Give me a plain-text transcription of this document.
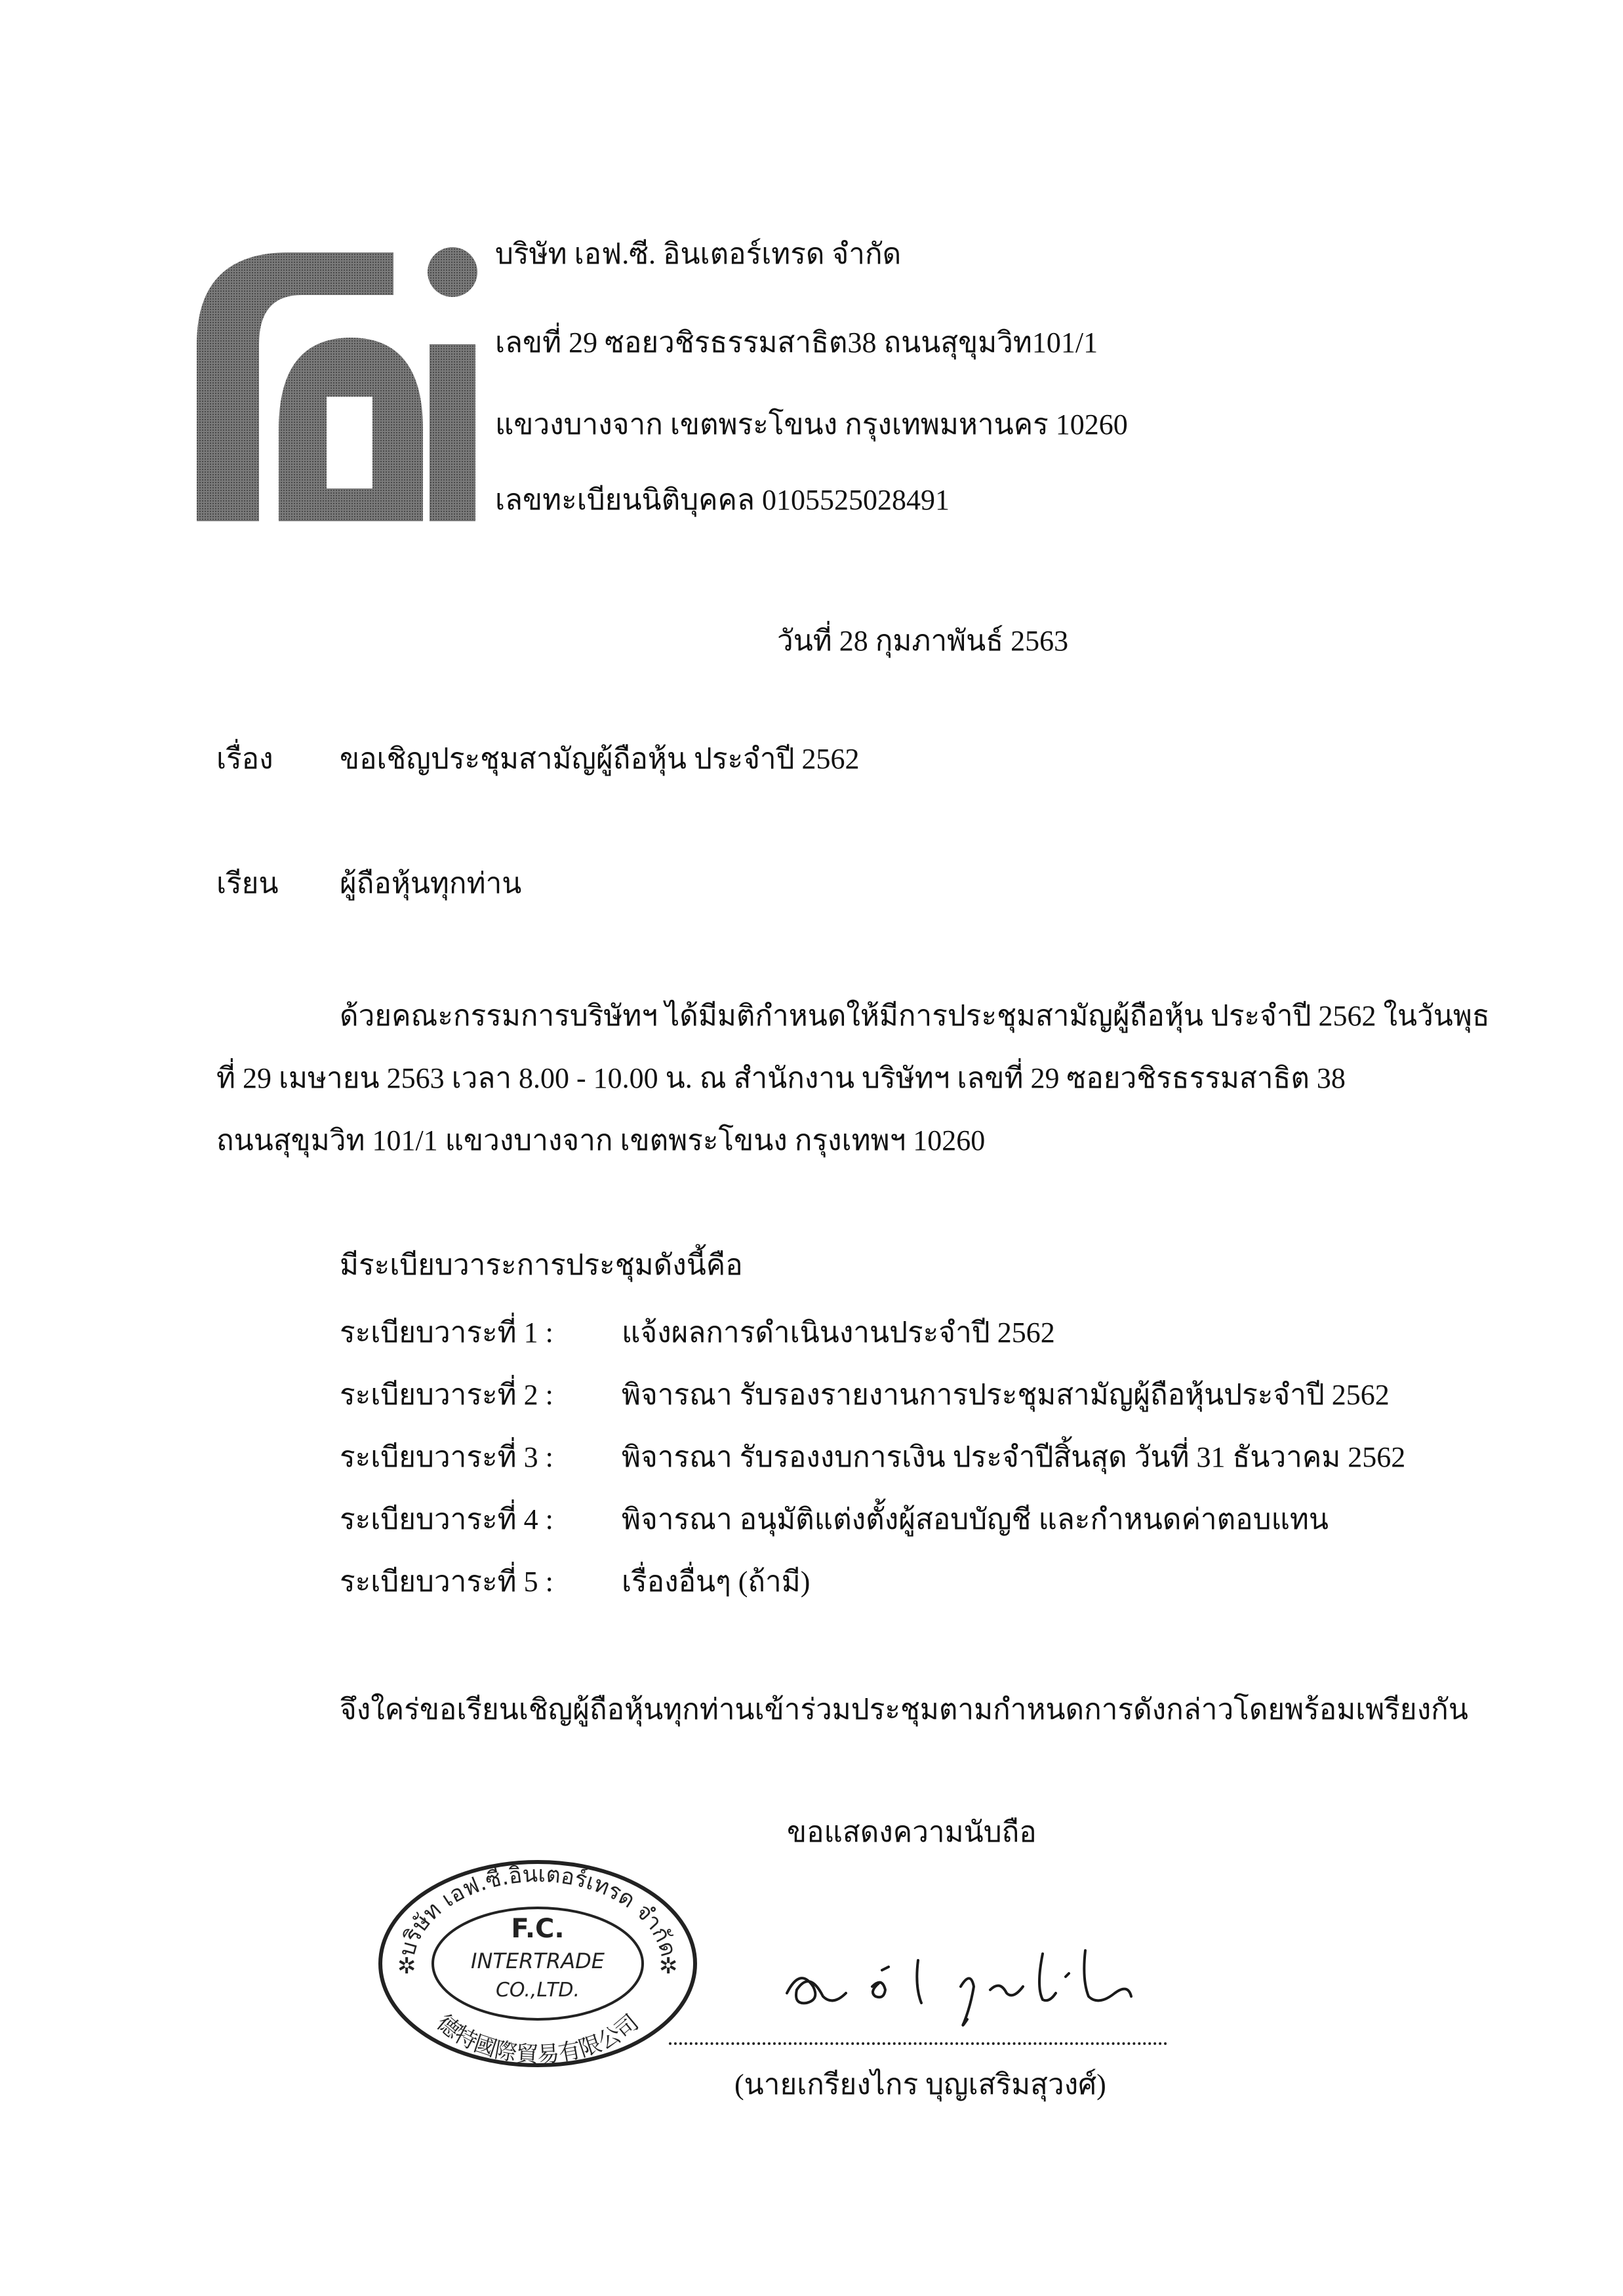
บริษัท เอฟ.ซี. อินเตอร์เทรด จำกัด
เลขที่ 29 ซอยวชิรธรรมสาธิต38 ถนนสุขุมวิท101/1
แขวงบางจาก เขตพระโขนง กรุงเทพมหานคร 10260
เลขทะเบียนนิติบุคคล 0105525028491
วันที่ 28 กุมภาพันธ์ 2563
เรื่อง ขอเชิญประชุมสามัญผู้ถือหุ้น ประจำปี 2562
เรียน ผู้ถือหุ้นทุกท่าน
ด้วยคณะกรรมการบริษัทฯ ได้มีมติกำหนดให้มีการประชุมสามัญผู้ถือหุ้น ประจำปี 2562 ในวันพุธ
ที่ 29 เมษายน 2563 เวลา 8.00 - 10.00 น. ณ สำนักงาน บริษัทฯ เลขที่ 29 ซอยวชิรธรรมสาธิต 38
ถนนสุขุมวิท 101/1 แขวงบางจาก เขตพระโขนง กรุงเทพฯ 10260
มีระเบียบวาระการประชุมดังนี้คือ
ระเบียบวาระที่ 1 : แจ้งผลการดำเนินงานประจำปี 2562
ระเบียบวาระที่ 2 : พิจารณา รับรองรายงานการประชุมสามัญผู้ถือหุ้นประจำปี 2562
ระเบียบวาระที่ 3 : พิจารณา รับรองงบการเงิน ประจำปีสิ้นสุด วันที่ 31 ธันวาคม 2562
ระเบียบวาระที่ 4 : พิจารณา อนุมัติแต่งตั้งผู้สอบบัญชี และกำหนดค่าตอบแทน
ระเบียบวาระที่ 5 : เรื่องอื่นๆ (ถ้ามี)
จึงใคร่ขอเรียนเชิญผู้ถือหุ้นทุกท่านเข้าร่วมประชุมตามกำหนดการดังกล่าวโดยพร้อมเพรียงกัน
ขอแสดงความนับถือ
บริษัท เอฟ.ซี.อินเตอร์เทรด จำกัด
德特國際貿易有限公司
F.C.
INTERTRADE
CO.,LTD.
✲	✲
(นายเกรียงไกร บุญเสริมสุวงศ์)
